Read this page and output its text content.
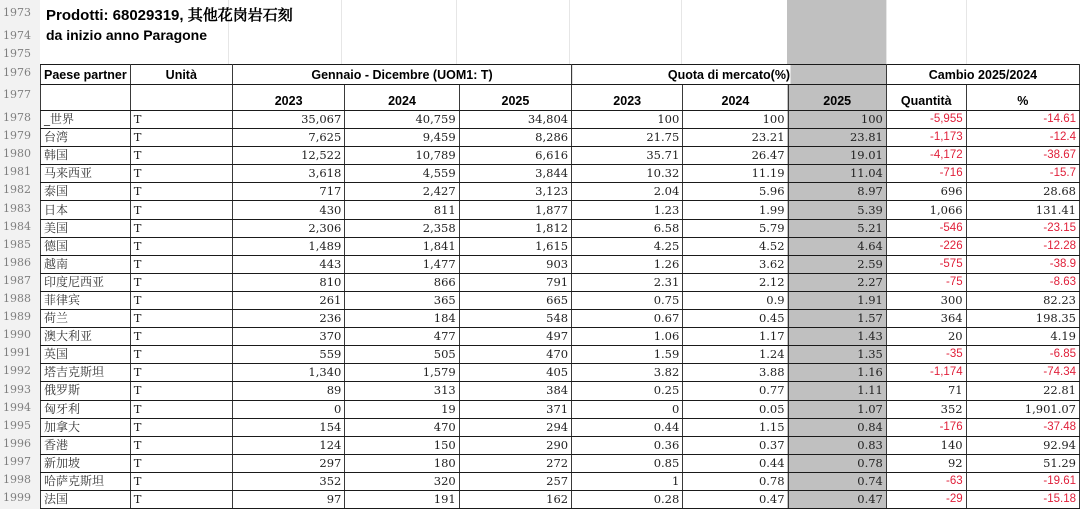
1973
1974
1975
1976
1977
1978
1979
1980
1981
1982
1983
1984
1985
1986
1987
1988
1989
1990
1991
1992
1993
1994
1995
1996
1997
1998
1999
Prodotti: 68029319, 其他花岗岩石刻
da inizio anno Paragone
Paese partner	Unità	Gennaio - Dicembre (UOM1: T)			Quota di mercato(%)			Cambio 2025/2024	
		2023	2024	2025	2023	2024	2025	Quantità	%
_世界	T	35,067	40,759	34,804	100	100	100	-5,955	-14.61
台湾	T	7,625	9,459	8,286	21.75	23.21	23.81	-1,173	-12.4
韩国	T	12,522	10,789	6,616	35.71	26.47	19.01	-4,172	-38.67
马来西亚	T	3,618	4,559	3,844	10.32	11.19	11.04	-716	-15.7
泰国	T	717	2,427	3,123	2.04	5.96	8.97	696	28.68
日本	T	430	811	1,877	1.23	1.99	5.39	1,066	131.41
美国	T	2,306	2,358	1,812	6.58	5.79	5.21	-546	-23.15
德国	T	1,489	1,841	1,615	4.25	4.52	4.64	-226	-12.28
越南	T	443	1,477	903	1.26	3.62	2.59	-575	-38.9
印度尼西亚	T	810	866	791	2.31	2.12	2.27	-75	-8.63
菲律宾	T	261	365	665	0.75	0.9	1.91	300	82.23
荷兰	T	236	184	548	0.67	0.45	1.57	364	198.35
澳大利亚	T	370	477	497	1.06	1.17	1.43	20	4.19
英国	T	559	505	470	1.59	1.24	1.35	-35	-6.85
塔吉克斯坦	T	1,340	1,579	405	3.82	3.88	1.16	-1,174	-74.34
俄罗斯	T	89	313	384	0.25	0.77	1.11	71	22.81
匈牙利	T	0	19	371	0	0.05	1.07	352	1,901.07
加拿大	T	154	470	294	0.44	1.15	0.84	-176	-37.48
香港	T	124	150	290	0.36	0.37	0.83	140	92.94
新加坡	T	297	180	272	0.85	0.44	0.78	92	51.29
哈萨克斯坦	T	352	320	257	1	0.78	0.74	-63	-19.61
法国	T	97	191	162	0.28	0.47	0.47	-29	-15.18
